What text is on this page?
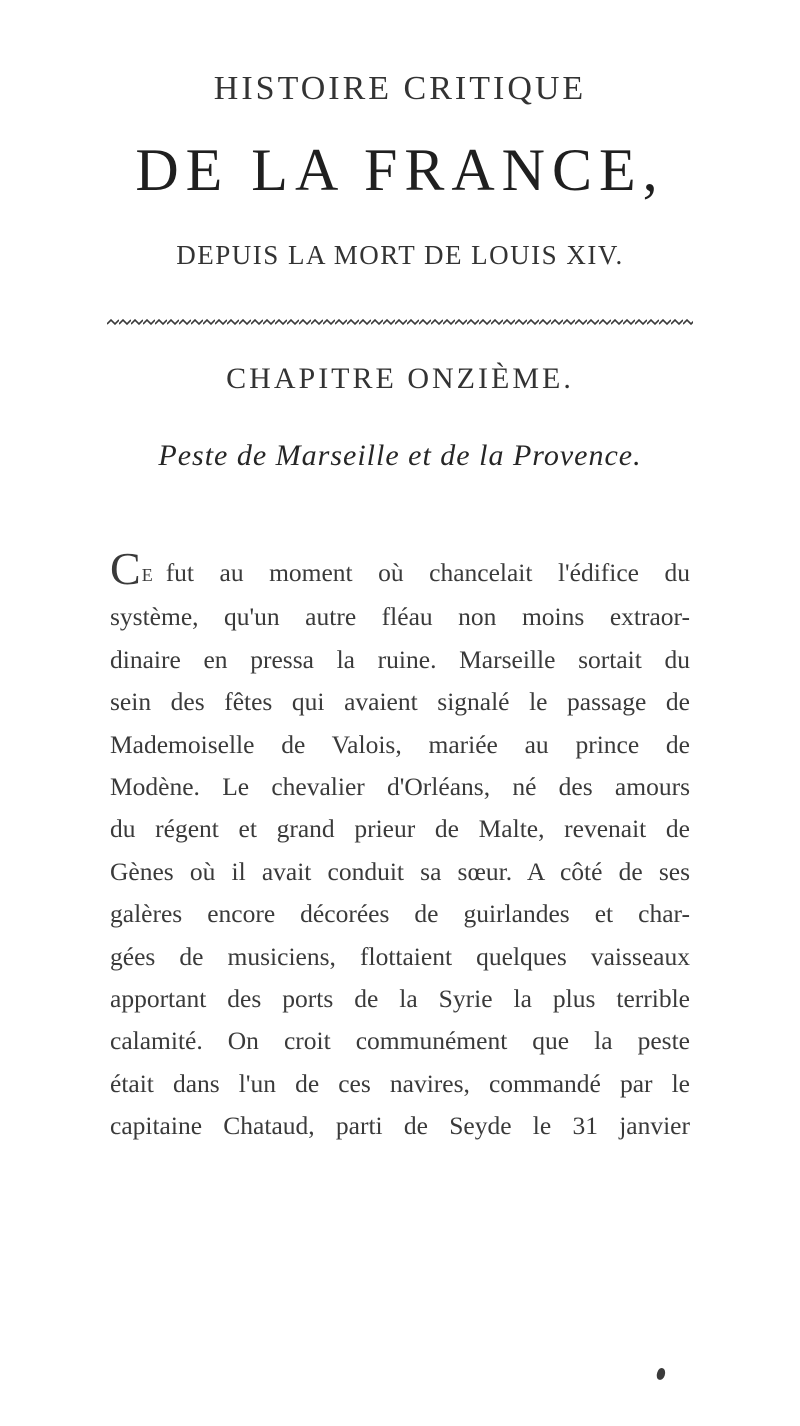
HISTOIRE CRITIQUE
DE LA FRANCE,
DEPUIS LA MORT DE LOUIS XIV.
CHAPITRE ONZIÈME.
Peste de Marseille et de la Provence.
CE fut au moment où chancelait l'édifice du
système, qu'un autre fléau non moins extraor-
dinaire en pressa la ruine. Marseille sortait du
sein des fêtes qui avaient signalé le passage de
Mademoiselle de Valois, mariée au prince de
Modène. Le chevalier d'Orléans, né des amours
du régent et grand prieur de Malte, revenait de
Gènes où il avait conduit sa sœur. A côté de ses
galères encore décorées de guirlandes et char-
gées de musiciens, flottaient quelques vaisseaux
apportant des ports de la Syrie la plus terrible
calamité. On croit communément que la peste
était dans l'un de ces navires, commandé par le
capitaine Chataud, parti de Seyde le 31 janvier
